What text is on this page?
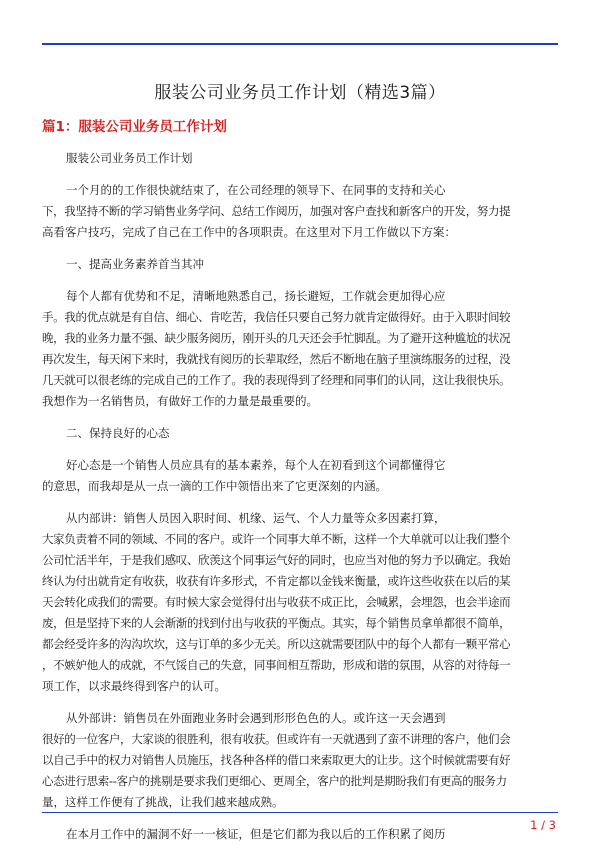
服装公司业务员工作计划（精选3篇）
篇1：服装公司业务员工作计划

服装公司业务员工作计划

一个月的的工作很快就结束了，在公司经理的领导下、在同事的支持和关心
下，我坚持不断的学习销售业务学问、总结工作阅历，加强对客户查找和新客户的开发，努力提
高看客户技巧，完成了自己在工作中的各项职责。在这里对下月工作做以下方案：

一、提高业务素养首当其冲

每个人都有优势和不足，清晰地熟悉自己，扬长避短，工作就会更加得心应
手。我的优点就是有自信、细心、肯吃苦，我信任只要自己努力就肯定做得好。由于入职时间较
晚，我的业务力量不强、缺少服务阅历，刚开头的几天还会手忙脚乱。为了避开这种尴尬的状况
再次发生，每天闲下来时，我就找有阅历的长辈取经，然后不断地在脑子里演练服务的过程，没
几天就可以很老练的完成自己的工作了。我的表现得到了经理和同事们的认同，这让我很快乐。
我想作为一名销售员，有做好工作的力量是最重要的。

二、保持良好的心态

好心态是一个销售人员应具有的基本素养，每个人在初看到这个词都懂得它
的意思，而我却是从一点一滴的工作中领悟出来了它更深刻的内涵。

从内部讲：销售人员因入职时间、机缘、运气、个人力量等众多因素打算，
大家负责着不同的领域、不同的客户。或许一个同事大单不断，这样一个大单就可以让我们整个
公司忙活半年，于是我们感叹、欣羡这个同事运气好的同时，也应当对他的努力予以确定。我始
终认为付出就肯定有收获，收获有许多形式，不肯定都以金钱来衡量，或许这些收获在以后的某
天会转化成我们的需要。有时候大家会觉得付出与收获不成正比，会喊累，会埋怨，也会半途而
废，但是坚持下来的人会渐渐的找到付出与收获的平衡点。其实，每个销售员拿单都很不简单，
都会经受许多的沟沟坎坎，这与订单的多少无关。所以这就需要团队中的每个人都有一颗平常心
，不嫉妒他人的成就，不气馁自己的失意，同事间相互帮助，形成和谐的氛围，从容的对待每一
项工作，以求最终得到客户的认可。

从外部讲：销售员在外面跑业务时会遇到形形色色的人。或许这一天会遇到
很好的一位客户，大家谈的很胜利，很有收获。但或许有一天就遇到了蛮不讲理的客户，他们会
以自己手中的权力对销售人员施压，找各种各样的借口来索取更大的让步。这个时候就需要有好
心态进行思索--客户的挑剔是要求我们更细心、更周全，客户的批判是期盼我们有更高的服务力
量，这样工作便有了挑战，让我们越来越成熟。

在本月工作中的漏洞不好一一核证，但是它们都为我以后的工作积累了阅历

1 / 3
